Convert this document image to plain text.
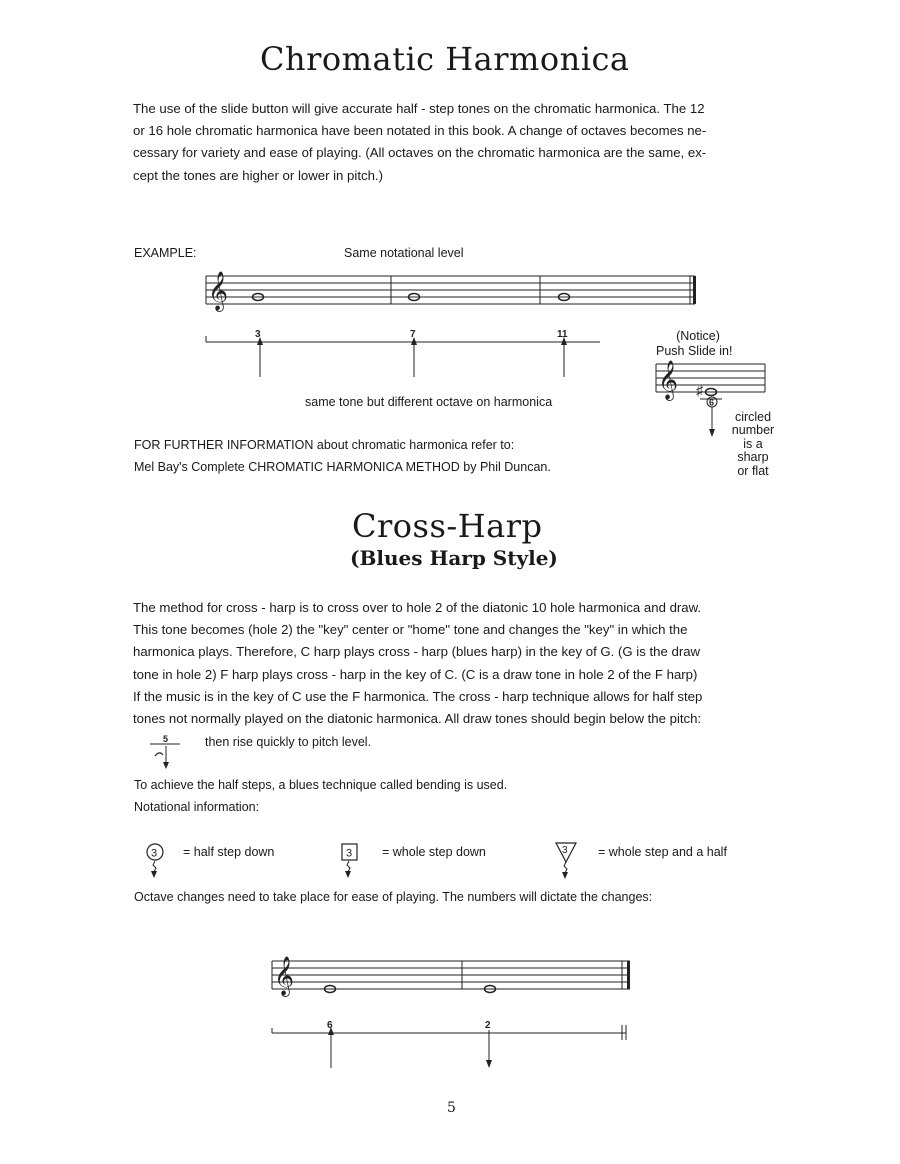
Chromatic Harmonica

The use of the slide button will give accurate half - step tones on the chromatic harmonica. The 12
or 16 hole chromatic harmonica have been notated in this book. A change of octaves becomes ne-
cessary for variety and ease of playing. (All octaves on the chromatic harmonica are the same, ex-
cept the tones are higher or lower in pitch.)

EXAMPLE:	Same notational level
𝄞
3	7	11
same tone but different octave on harmonica
(Notice)
Push Slide in!
𝄞 ♯
6
circled
number
is a
sharp
or flat
FOR FURTHER INFORMATION about chromatic harmonica refer to:
Mel Bay's Complete CHROMATIC HARMONICA METHOD by Phil Duncan.
Cross-Harp
(Blues Harp Style)

The method for cross - harp is to cross over to hole 2 of the diatonic 10 hole harmonica and draw.
This tone becomes (hole 2) the "key" center or "home" tone and changes the "key" in which the
harmonica plays. Therefore, C harp plays cross - harp (blues harp) in the key of G. (G is the draw
tone in hole 2) F harp plays cross - harp in the key of C. (C is a draw tone in hole 2 of the F harp)
If the music is in the key of C use the F harmonica. The cross - harp technique allows for half step
tones not normally played on the diatonic harmonica. All draw tones should begin below the pitch:

5	then rise quickly to pitch level.
To achieve the half steps, a blues technique called bending is used.
Notational information:
3	3	3
= half step down	= whole step down	= whole step and a half
Octave changes need to take place for ease of playing. The numbers will dictate the changes:
𝄞
6	2
5
